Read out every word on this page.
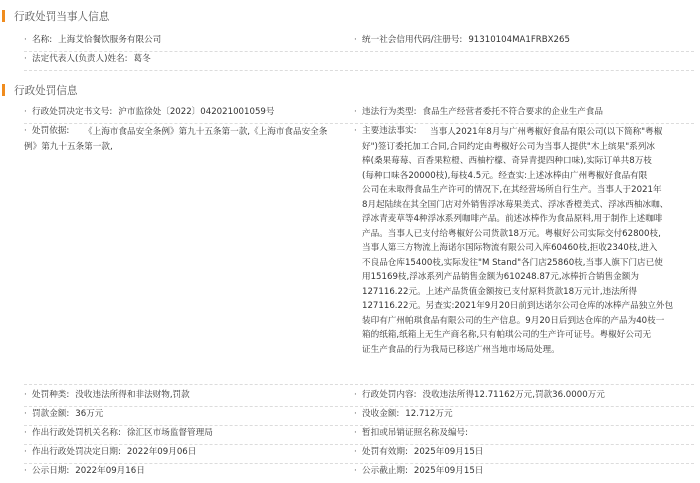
行政处罚当事人信息
· 名称: 上海艾恰餐饮服务有限公司	· 统一社会信用代码/注册号: 91310104MA1FRBX265
· 法定代表人(负责人)姓名: 葛冬
行政处罚信息
· 行政处罚决定书文号: 沪市监徐处〔2022〕042021001059号	· 违法行为类型: 食品生产经营者委托不符合要求的企业生产食品
· 处罚依据:	《上海市食品安全条例》第九十五条第一款,《上海市食品安全条
例》第九十五条第一款,
· 主要违法事实:	当事人2021年8月与广州粤椒好食品有限公司(以下简称"粤椒
好")签订委托加工合同,合同约定由粤椒好公司为当事人提供"木上缤果"系列冰
棒(桑果莓莓、百香果粒橙、西柚柠檬、奇异青提四种口味),实际订单共8万枝
(每种口味各20000枝),每枝4.5元。经查实:上述冰棒由广州粤椒好食品有限
公司在未取得食品生产许可的情况下,在其经营场所自行生产。当事人于2021年
8月起陆续在其全国门店对外销售浮冰莓果美式、浮冰香橙美式、浮冰西柚冰咖、
浮冰青麦草等4种浮冰系列咖啡产品。前述冰棒作为食品原料,用于制作上述咖啡
产品。当事人已支付给粤椒好公司货款18万元。粤椒好公司实际交付62800枝,
当事人第三方物流上海诺尔国际物流有限公司入库60460枝,拒收2340枝,进入
不良品仓库15400枝,实际发往"M Stand"各门店25860枝,当事人旗下门店已使
用15169枝,浮冰系列产品销售金额为610248.87元,冰棒折合销售金额为
127116.22元。上述产品货值金额按已支付原料货款18万元计,违法所得
127116.22元。另查实:2021年9月20日前到达诺尔公司仓库的冰棒产品独立外包
装印有广州帕琪食品有限公司的生产信息。9月20日后到达仓库的产品为40枝一
箱的纸箱,纸箱上无生产商名称,只有帕琪公司的生产许可证号。粤椒好公司无
证生产食品的行为我局已移送广州当地市场局处理。
· 处罚种类: 没收违法所得和非法财物,罚款	· 行政处罚内容: 没收违法所得12.71162万元,罚款36.0000万元
· 罚款金额: 36万元	· 没收金额: 12.712万元
· 作出行政处罚机关名称: 徐汇区市场监督管理局	· 暂扣或吊销证照名称及编号:
· 作出行政处罚决定日期: 2022年09月06日	· 处罚有效期: 2025年09月15日
· 公示日期: 2022年09月16日	· 公示截止期: 2025年09月15日
